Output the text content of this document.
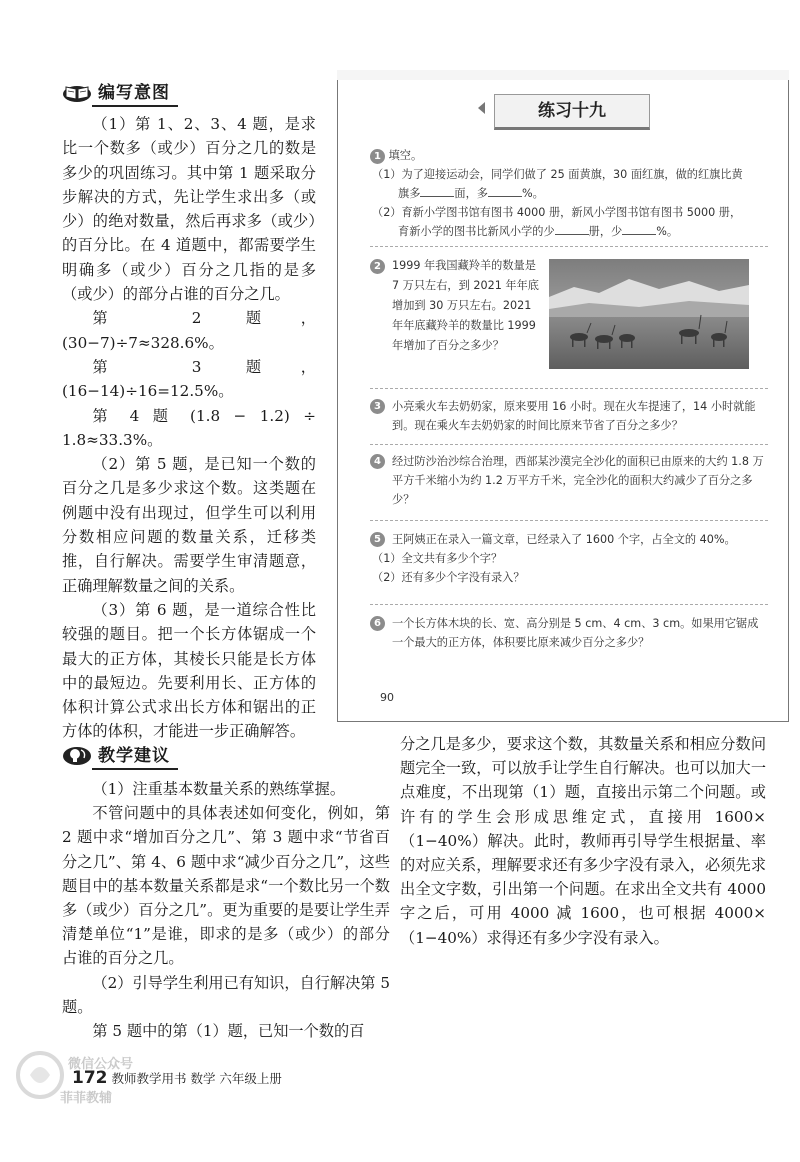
编写意图

（1）第 1、2、3、4 题，是求比一个数多（或少）百分之几的数是多少的巩固练习。其中第 1 题采取分步解决的方式，先让学生求出多（或少）的绝对数量，然后再求多（或少）的百分比。在 4 道题中，都需要学生明确多（或少）百分之几指的是多（或少）的部分占谁的百分之几。

第 2 题，(30−7)÷7≈328.6%。

第 3 题，(16−14)÷16=12.5%。

第 4 题 (1.8 − 1.2) ÷ 1.8≈33.3%。

（2）第 5 题，是已知一个数的百分之几是多少求这个数。这类题在例题中没有出现过，但学生可以利用分数相应问题的数量关系，迁移类推，自行解决。需要学生审清题意，正确理解数量之间的关系。

（3）第 6 题，是一道综合性比较强的题目。把一个长方体锯成一个最大的正方体，其棱长只能是长方体中的最短边。先要利用长、正方体的体积计算公式求出长方体和锯出的正方体的体积，才能进一步正确解答。

练习十九
1 填空。
（1）为了迎接运动会，同学们做了 25 面黄旗，30 面红旗，做的红旗比黄
旗多	面，多	%。
（2）育新小学图书馆有图书 4000 册，新风小学图书馆有图书 5000 册，
育新小学的图书比新风小学的少	册，少	%。
2 1999 年我国藏羚羊的数量是 7 万只左右，到 2021 年年底增加到 30 万只左右。2021 年年底藏羚羊的数量比 1999 年增加了百分之多少？
3 小亮乘火车去奶奶家，原来要用 16 小时。现在火车提速了，14 小时就能到。现在乘火车去奶奶家的时间比原来节省了百分之多少？
4 经过防沙治沙综合治理，西部某沙漠完全沙化的面积已由原来的大约 1.8 万平方千米缩小为约 1.2 万平方千米，完全沙化的面积大约减少了百分之多少？
5 王阿姨正在录入一篇文章，已经录入了 1600 个字，占全文的 40%。
（1）全文共有多少个字？
（2）还有多少个字没有录入？
6 一个长方体木块的长、宽、高分别是 5 cm、4 cm、3 cm。如果用它锯成一个最大的正方体，体积要比原来减少百分之多少？
90
教学建议

（1）注重基本数量关系的熟练掌握。

不管问题中的具体表述如何变化，例如，第 2 题中求“增加百分之几”、第 3 题中求“节省百分之几”、第 4、6 题中求“减少百分之几”，这些题目中的基本数量关系都是求“一个数比另一个数多（或少）百分之几”。更为重要的是要让学生弄清楚单位“1”是谁，即求的是多（或少）的部分占谁的百分之几。

（2）引导学生利用已有知识，自行解决第 5 题。

第 5 题中的第（1）题，已知一个数的百

分之几是多少，要求这个数，其数量关系和相应分数问题完全一致，可以放手让学生自行解决。也可以加大一点难度，不出现第（1）题，直接出示第二个问题。或许有的学生会形成思维定式，直接用 1600×（1−40%）解决。此时，教师再引导学生根据量、率的对应关系，理解要求还有多少字没有录入，必须先求出全文字数，引出第一个问题。在求出全文共有 4000 字之后，可用 4000 减 1600，也可根据 4000×（1−40%）求得还有多少字没有录入。

172 教师教学用书 数学 六年级上册
微信公众号
菲菲教辅
